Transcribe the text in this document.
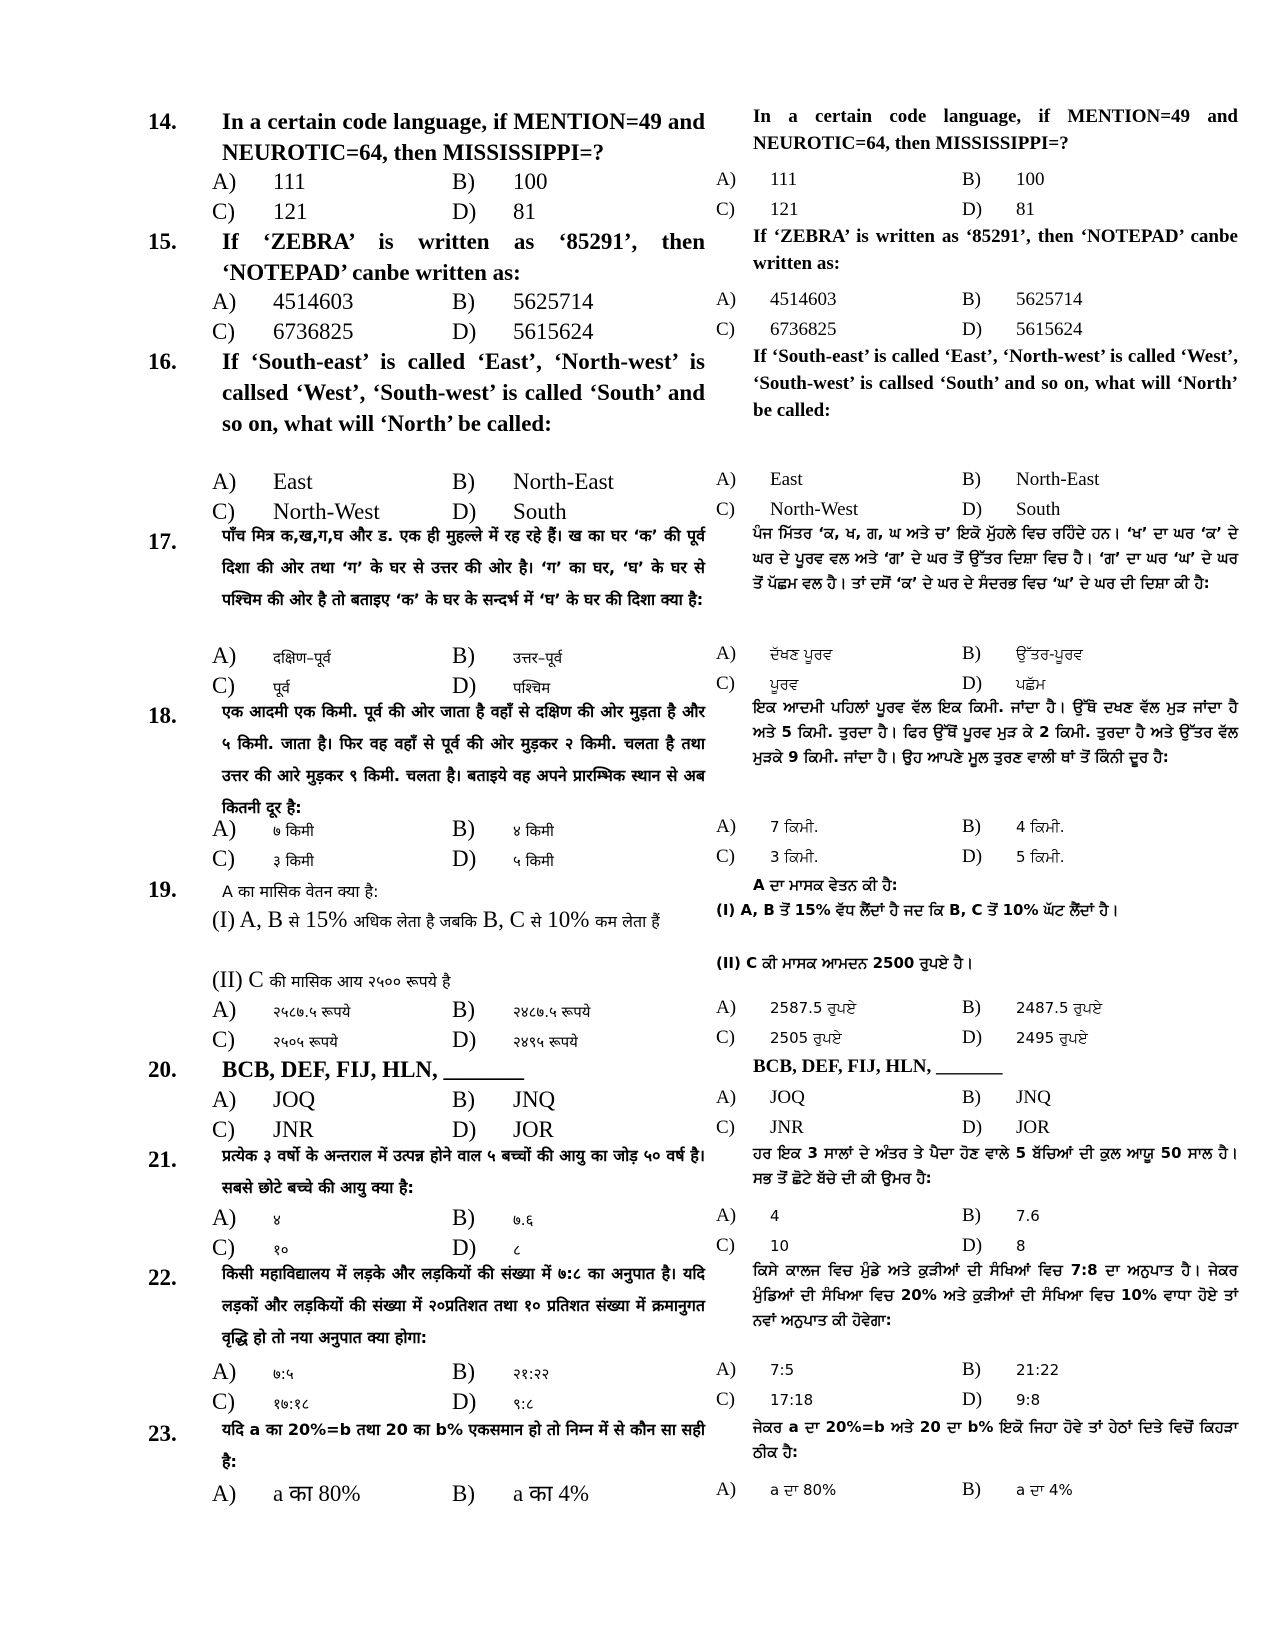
14. In a certain code language, if MENTION=49 and NEUROTIC=64, then MISSISSIPPI=?
In a certain code language, if MENTION=49 and NEUROTIC=64, then MISSISSIPPI=?
A) 111	B) 100
C) 121	D) 81
A) 111	B) 100
C) 121	D) 81
15. If ‘ZEBRA’ is written as ‘85291’, then ‘NOTEPAD’ canbe written as:
If ‘ZEBRA’ is written as ‘85291’, then ‘NOTEPAD’ canbe written as:
A) 4514603	B) 5625714
C) 6736825	D) 5615624
A) 4514603	B) 5625714
C) 6736825	D) 5615624
16. If ‘South-east’ is called ‘East’, ‘North-west’ is callsed ‘West’, ‘South-west’ is called ‘South’ and so on, what will ‘North’ be called:
If ‘South-east’ is called ‘East’, ‘North-west’ is called ‘West’, ‘South-west’ is callsed ‘South’ and so on, what will ‘North’ be called:
A) East	B) North-East
C) North-West	D) South
A) East	B) North-East
C) North-West	D) South
17.	पाँच मित्र क,ख,ग,घ और ड. एक ही मुहल्ले में रह रहे हैं। ख का घर ‘क’ की पूर्व दिशा की ओर तथा ‘ग’ के घर से उत्तर की ओर है। ‘ग’ का घर, ‘घ’ के घर से पश्चिम की ओर है तो बताइए ‘क’ के घर के सन्दर्भ में ‘घ’ के घर की दिशा क्या है:
ਪੰਜ ਮਿੱਤਰ ‘ਕ, ਖ, ਗ, ਘ ਅਤੇ ਚ’ ਇਕੋ ਮੁੱਹਲੇ ਵਿਚ ਰਹਿੰਦੇ ਹਨ। ‘ਖ’ ਦਾ ਘਰ ‘ਕ’ ਦੇ ਘਰ ਦੇ ਪੂਰਵ ਵਲ ਅਤੇ ‘ਗ’ ਦੇ ਘਰ ਤੋਂ ਉੱਤਰ ਦਿਸ਼ਾ ਵਿਚ ਹੈ। ‘ਗ’ ਦਾ ਘਰ ‘ਘ’ ਦੇ ਘਰ ਤੋਂ ਪੱਛਮ ਵਲ ਹੈ। ਤਾਂ ਦਸੋਂ ‘ਕ’ ਦੇ ਘਰ ਦੇ ਸੰਦਰਭ ਵਿਚ ‘ਘ’ ਦੇ ਘਰ ਦੀ ਦਿਸ਼ਾ ਕੀ ਹੈ:
A) दक्षिण–पूर्व	B)	उत्तर–पूर्व
C)	पूर्व	D) पश्चिम
A) ਦੱਖਣ ਪੂਰਵ	B) ਉੱਤਰ-ਪੂਰਵ
C) ਪੂਰਵ	D) ਪਛੱਮ
18.	एक आदमी एक किमी. पूर्व की ओर जाता है वहाँ से दक्षिण की ओर मुड़ता है और ५ किमी. जाता है। फिर वह वहाँ से पूर्व की ओर मुड़कर २ किमी. चलता है तथा उत्तर की आरे मुड़कर ९ किमी. चलता है। बताइये वह अपने प्रारम्भिक स्थान से अब कितनी दूर है:
ਇਕ ਆਦਮੀ ਪਹਿਲਾਂ ਪੂਰਵ ਵੱਲ ਇਕ ਕਿਮੀ. ਜਾਂਦਾ ਹੈ। ਉੱਥੋ ਦਖਣ ਵੱਲ ਮੁੜ ਜਾਂਦਾ ਹੈ ਅਤੇ 5 ਕਿਮੀ. ਤੁਰਦਾ ਹੈ। ਫਿਰ ਉੱਥੋਂ ਪੂਰਵ ਮੁੜ ਕੇ 2 ਕਿਮੀ. ਤੁਰਦਾ ਹੈ ਅਤੇ ਉੱਤਰ ਵੱਲ ਮੁੜਕੇ 9 ਕਿਮੀ. ਜਾਂਦਾ ਹੈ। ਉਹ ਆਪਣੇ ਮੂਲ ਤੁਰਣ ਵਾਲੀ ਥਾਂ ਤੋਂ ਕਿੰਨੀ ਦੂਰ ਹੈ:
A) ७ किमी	B)	४ किमी
C)	३ किमी	D) ५ किमी
A) 7 ਕਿਮੀ.	B) 4 ਕਿਮੀ.
C) 3 ਕਿਮੀ.	D) 5 ਕਿਮੀ.
19.	A का मासिक वेतन क्या है:
(I) A, B से 15% अधिक लेता है जबकि B, C से 10% कम लेता हैं
(II) C की मासिक आय २५०० रूपये है
A ਦਾ ਮਾਸਕ ਵੇਤਨ ਕੀ ਹੈ:
(I) A, B ਤੋਂ 15% ਵੱਧ ਲੈਂਦਾਂ ਹੈ ਜਦ ਕਿ B, C ਤੋਂ 10% ਘੱਟ ਲੈਂਦਾਂ ਹੈ।
(II) C ਕੀ ਮਾਸਕ ਆਮਦਨ 2500 ਰੁਪਏ ਹੈ।
A) २५८७.५ रूपये	B)	२४८७.५ रूपये
C)	२५०५ रूपये	D) २४९५ रूपये
A) 2587.5 ਰੁਪਏ	B) 2487.5 ਰੁਪਏ
C) 2505 ਰੁਪਏ	D) 2495 ਰੁਪਏ
20. BCB, DEF, FIJ, HLN, _______	BCB, DEF, FIJ, HLN, _______
A) JOQ	B) JNQ
C) JNR	D) JOR
A) JOQ	B) JNQ
C) JNR	D) JOR
21.	प्रत्येक ३ वर्षो के अन्तराल में उत्पन्न होने वाल ५ बच्चों की आयु का जोड़ ५० वर्ष है। सबसे छोटे बच्चे की आयु क्या है:
ਹਰ ਇਕ 3 ਸਾਲਾਂ ਦੇ ਅੰਤਰ ਤੇ ਪੈਦਾ ਹੋਣ ਵਾਲੇ 5 ਬੱਚਿਆਂ ਦੀ ਕੁਲ ਆਯੂ 50 ਸਾਲ ਹੈ। ਸਭ ਤੋਂ ਛੋਟੇ ਬੱਚੇ ਦੀ ਕੀ ਉਮਰ ਹੈ:
A) ४	B)	७.६
C)	१०	D) ८
A) 4	B) 7.6
C) 10	D) 8
22.	किसी महाविद्यालय में लड़के और लड़कियों की संख्या में ७:८ का अनुपात है। यदि लड़कों और लड़कियों की संख्या में २०प्रतिशत तथा १० प्रतिशत संख्या में क्रमानुगत वृद्धि हो तो नया अनुपात क्या होगा:
ਕਿਸੇ ਕਾਲਜ ਵਿਚ ਮੁੰਡੇ ਅਤੇ ਕੁੜੀਆਂ ਦੀ ਸੰਖਿਆਂ ਵਿਚ 7:8 ਦਾ ਅਨੁਪਾਤ ਹੈ। ਜੇਕਰ ਮੁੰਡਿਆਂ ਦੀ ਸੰਖਿਆ ਵਿਚ 20% ਅਤੇ ਕੁੜੀਆਂ ਦੀ ਸੰਖਿਆ ਵਿਚ 10% ਵਾਧਾ ਹੋਏ ਤਾਂ ਨਵਾਂ ਅਨੁਪਾਤ ਕੀ ਹੋਵੇਗਾ:
A) ७:५	B)	२१:२२
C)	१७:१८	D) ९:८
A) 7:5	B) 21:22
C) 17:18	D) 9:8
23.	यदि a का 20%=b तथा 20 का b% एकसमान हो तो निम्न में से कौन सा सही है:
ਜੇਕਰ a ਦਾ 20%=b ਅਤੇ 20 ਦਾ b% ਇਕੋ ਜਿਹਾ ਹੋਵੇ ਤਾਂ ਹੇਠਾਂ ਦਿਤੇ ਵਿਚੋਂ ਕਿਹੜਾ ਠੀਕ ਹੈ:
A) a का 80%	B) a का 4%	A) a ਦਾ 80%	B) a ਦਾ 4%
